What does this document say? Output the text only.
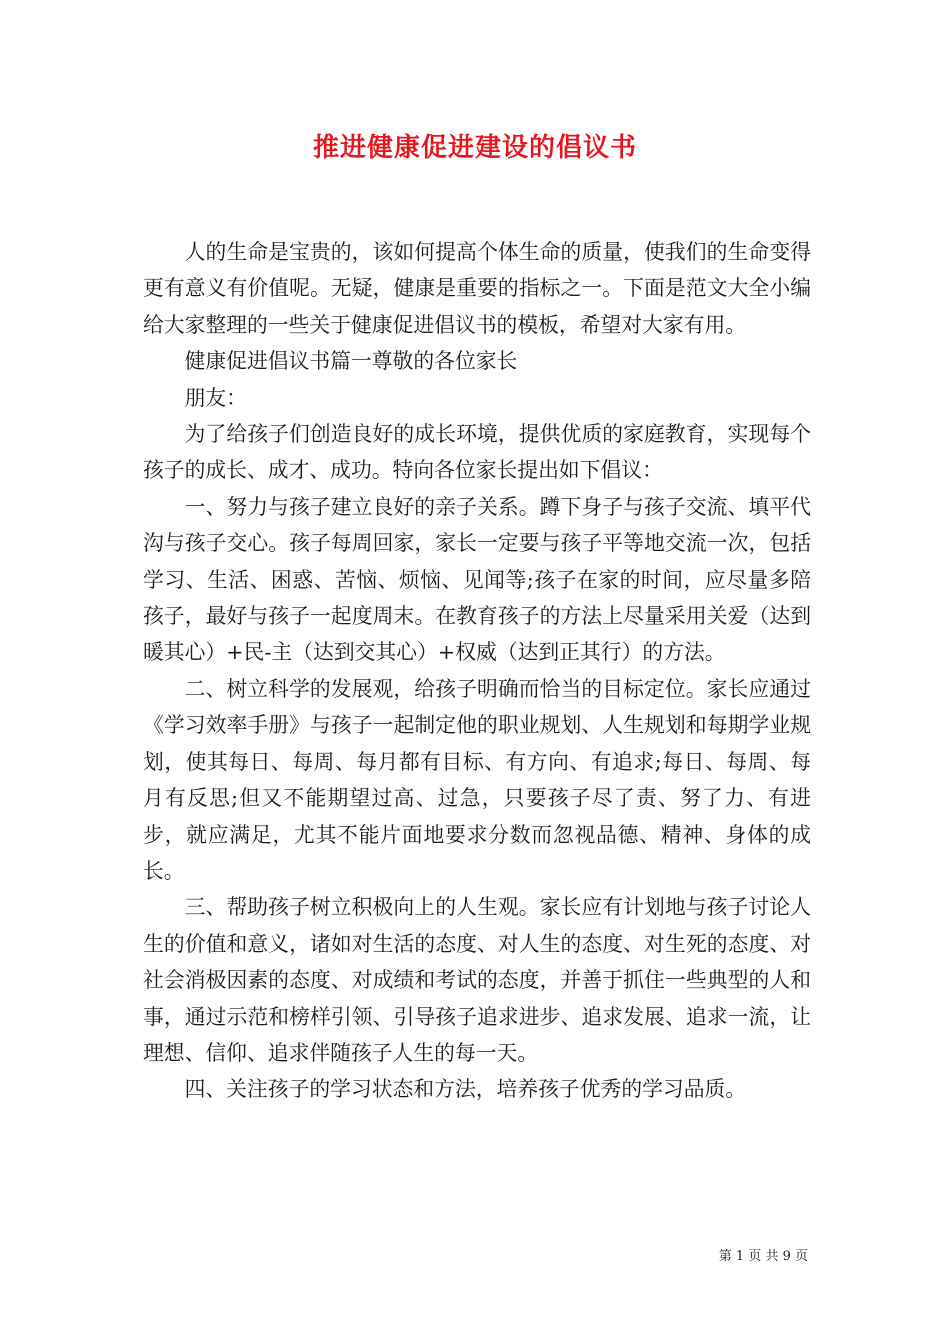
推进健康促进建设的倡议书

人的生命是宝贵的，该如何提高个体生命的质量，使我们的生命变得更有意义有价值呢。无疑，健康是重要的指标之一。下面是范文大全小编给大家整理的一些关于健康促进倡议书的模板，希望对大家有用。

健康促进倡议书篇一尊敬的各位家长

朋友：

为了给孩子们创造良好的成长环境，提供优质的家庭教育，实现每个孩子的成长、成才、成功。特向各位家长提出如下倡议：

一、努力与孩子建立良好的亲子关系。蹲下身子与孩子交流、填平代沟与孩子交心。孩子每周回家，家长一定要与孩子平等地交流一次，包括学习、生活、困惑、苦恼、烦恼、见闻等;孩子在家的时间，应尽量多陪孩子，最好与孩子一起度周末。在教育孩子的方法上尽量采用关爱（达到暖其心）+民-主（达到交其心）+权威（达到正其行）的方法。

二、树立科学的发展观，给孩子明确而恰当的目标定位。家长应通过《学习效率手册》与孩子一起制定他的职业规划、人生规划和每期学业规划，使其每日、每周、每月都有目标、有方向、有追求;每日、每周、每月有反思;但又不能期望过高、过急，只要孩子尽了责、努了力、有进步，就应满足，尤其不能片面地要求分数而忽视品德、精神、身体的成长。

三、帮助孩子树立积极向上的人生观。家长应有计划地与孩子讨论人生的价值和意义，诸如对生活的态度、对人生的态度、对生死的态度、对社会消极因素的态度、对成绩和考试的态度，并善于抓住一些典型的人和事，通过示范和榜样引领、引导孩子追求进步、追求发展、追求一流，让理想、信仰、追求伴随孩子人生的每一天。

四、关注孩子的学习状态和方法，培养孩子优秀的学习品质。

第 1 页 共 9 页
